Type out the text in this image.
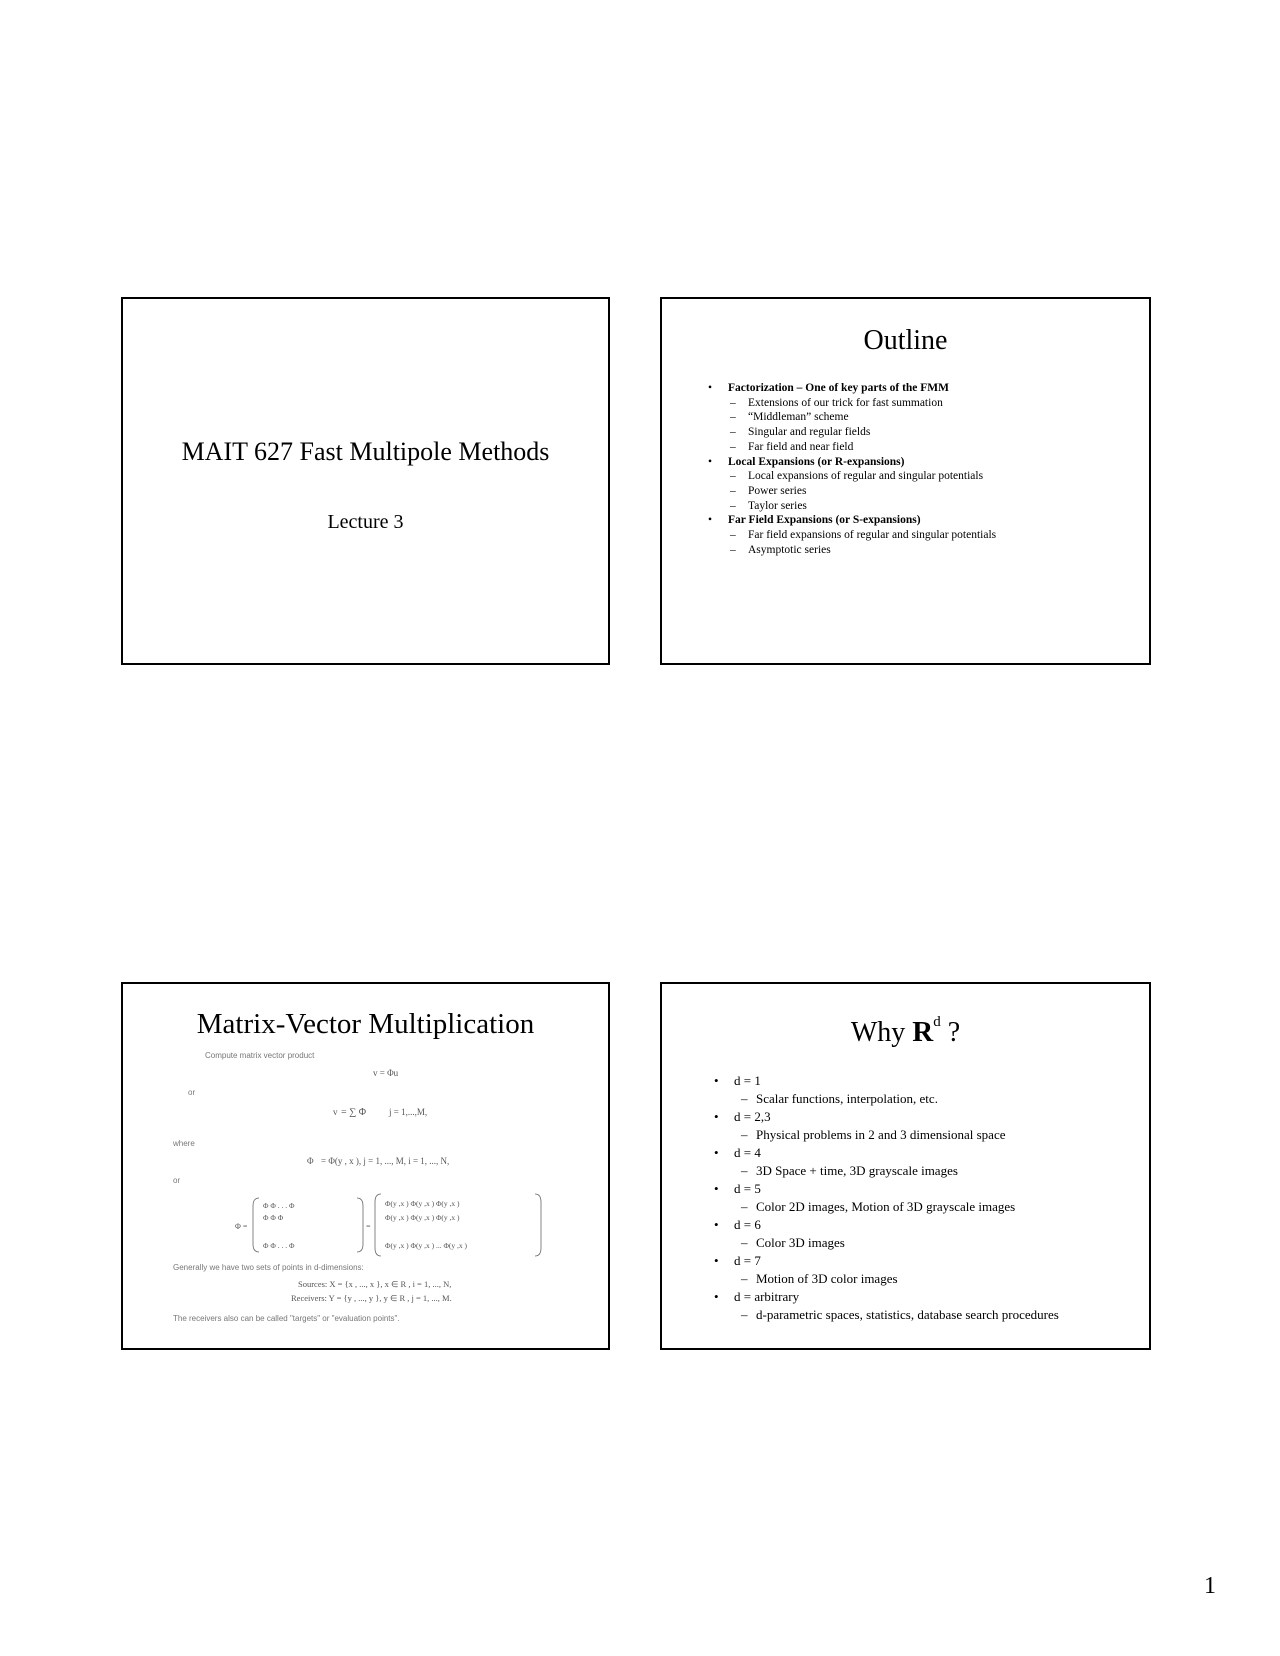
MAIT 627 Fast Multipole Methods
Lecture 3
Outline
• Factorization – One of key parts of the FMM
– Extensions of our trick for fast summation
– “Middleman” scheme
– Singular and regular fields
– Far field and near field
• Local Expansions (or R-expansions)
– Local expansions of regular and singular potentials
– Power series
– Taylor series
• Far Field Expansions (or S-expansions)
– Far field expansions of regular and singular potentials
– Asymptotic series
Matrix-Vector Multiplication
Compute matrix vector product
v = Φu
or
v = ∑ Φ	j = 1,...,M,
where
Φ = Φ(y , x ), j = 1, ..., M, i = 1, ..., N,
or
Φ =
Φ Φ . . . Φ
Φ Φ Φ
Φ Φ . . . Φ
=
Φ(y ,x ) Φ(y ,x ) Φ(y ,x )
Φ(y ,x ) Φ(y ,x ) Φ(y ,x )
Φ(y ,x ) Φ(y ,x ) ... Φ(y ,x )
Generally we have two sets of points in d-dimensions:
Sources: X = {x , ..., x }, x ∈ R , i = 1, ..., N,
Receivers: Y = {y , ..., y }, y ∈ R , j = 1, ..., M.
The receivers also can be called "targets" or "evaluation points".
Why $R^d$ ?
• d = 1
– Scalar functions, interpolation, etc.
• d = 2,3
– Physical problems in 2 and 3 dimensional space
• d = 4
– 3D Space + time, 3D grayscale images
• d = 5
– Color 2D images, Motion of 3D grayscale images
• d = 6
– Color 3D images
• d = 7
– Motion of 3D color images
• d = arbitrary
– d-parametric spaces, statistics, database search procedures
1
